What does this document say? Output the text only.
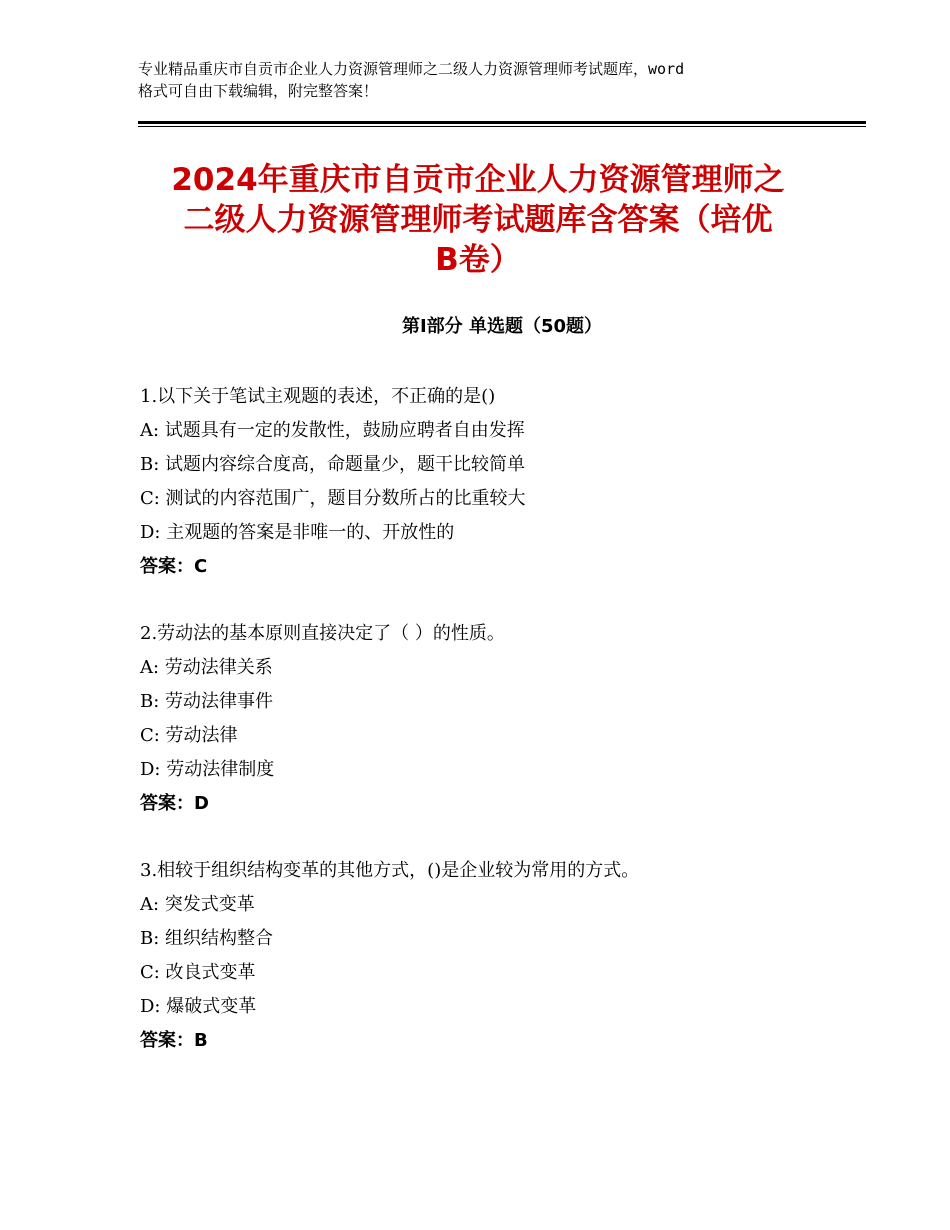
专业精品重庆市自贡市企业人力资源管理师之二级人力资源管理师考试题库，word
格式可自由下载编辑，附完整答案！
2024年重庆市自贡市企业人力资源管理师之
二级人力资源管理师考试题库含答案（培优
B卷）
第Ⅰ部分 单选题（50题）
1.以下关于笔试主观题的表述，不正确的是()
A: 试题具有一定的发散性，鼓励应聘者自由发挥
B: 试题内容综合度高，命题量少，题干比较简单
C: 测试的内容范围广，题目分数所占的比重较大
D: 主观题的答案是非唯一的、开放性的
答案：C
2.劳动法的基本原则直接决定了（ ）的性质。
A: 劳动法律关系
B: 劳动法律事件
C: 劳动法律
D: 劳动法律制度
答案：D
3.相较于组织结构变革的其他方式，()是企业较为常用的方式。
A: 突发式变革
B: 组织结构整合
C: 改良式变革
D: 爆破式变革
答案：B
